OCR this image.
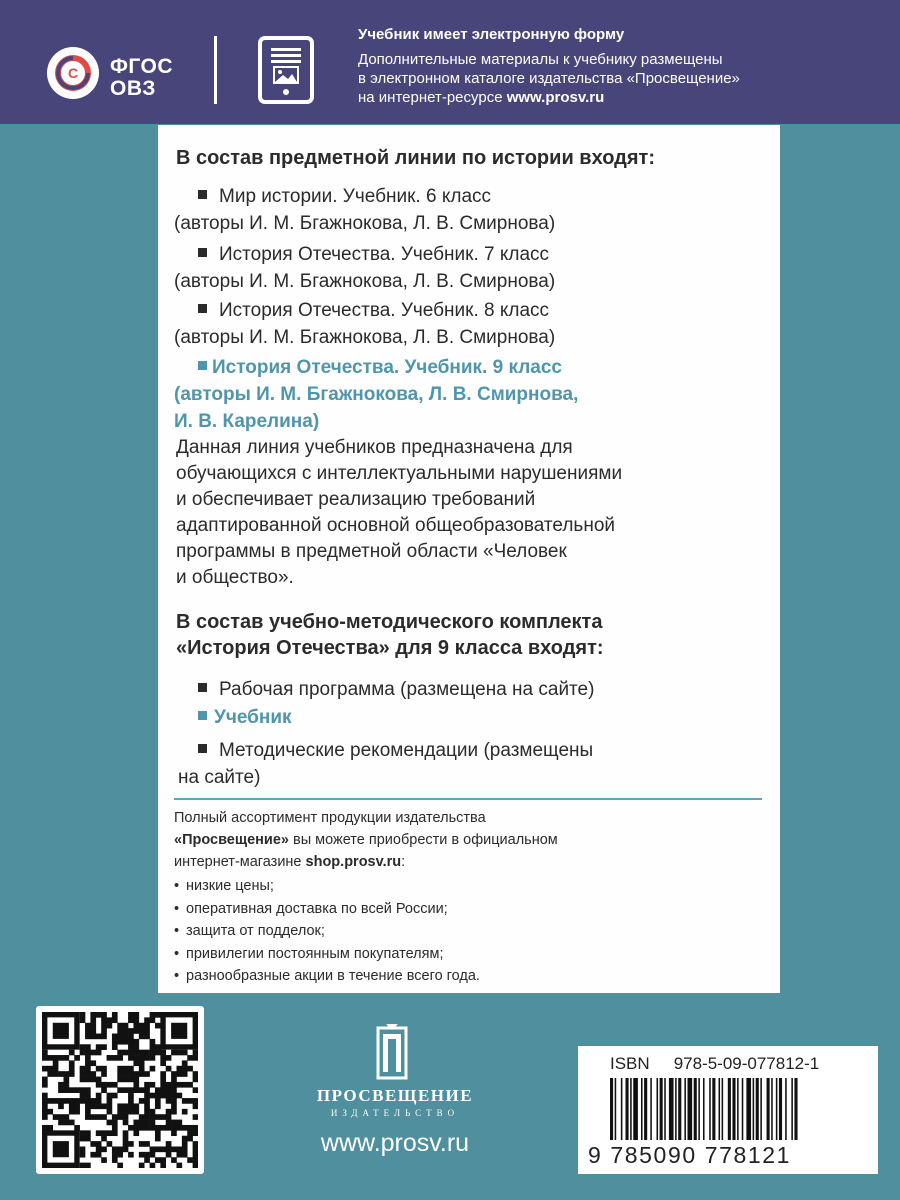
С ФГОС
ОВЗ
Учебник имеет электронную форму
Дополнительные материалы к учебнику размещены
в электронном каталоге издательства «Просвещение»
на интернет-ресурсе www.prosv.ru
В состав предметной линии по истории входят:
Мир истории. Учебник. 6 класс
(авторы И. М. Бгажнокова, Л. В. Смирнова)
История Отечества. Учебник. 7 класс
(авторы И. М. Бгажнокова, Л. В. Смирнова)
История Отечества. Учебник. 8 класс
(авторы И. М. Бгажнокова, Л. В. Смирнова)
История Отечества. Учебник. 9 класс
(авторы И. М. Бгажнокова, Л. В. Смирнова,
И. В. Карелина)
Данная линия учебников предназначена для
обучающихся с интеллектуальными нарушениями
и обеспечивает реализацию требований
адаптированной основной общеобразовательной
программы в предметной области «Человек
и общество».
В состав учебно-методического комплекта
«История Отечества» для 9 класса входят:
Рабочая программа (размещена на сайте)
Учебник
Методические рекомендации (размещены
на сайте)
Полный ассортимент продукции издательства
«Просвещение» вы можете приобрести в официальном
интернет-магазине shop.prosv.ru:
• низкие цены;
• оперативная доставка по всей России;
• защита от подделок;
• привилегии постоянным покупателям;
• разнообразные акции в течение всего года.
ПРОСВЕЩЕНИЕ
ИЗДАТЕЛЬСТВО
www.prosv.ru
ISBN 978-5-09-077812-1
9 785090 778121
